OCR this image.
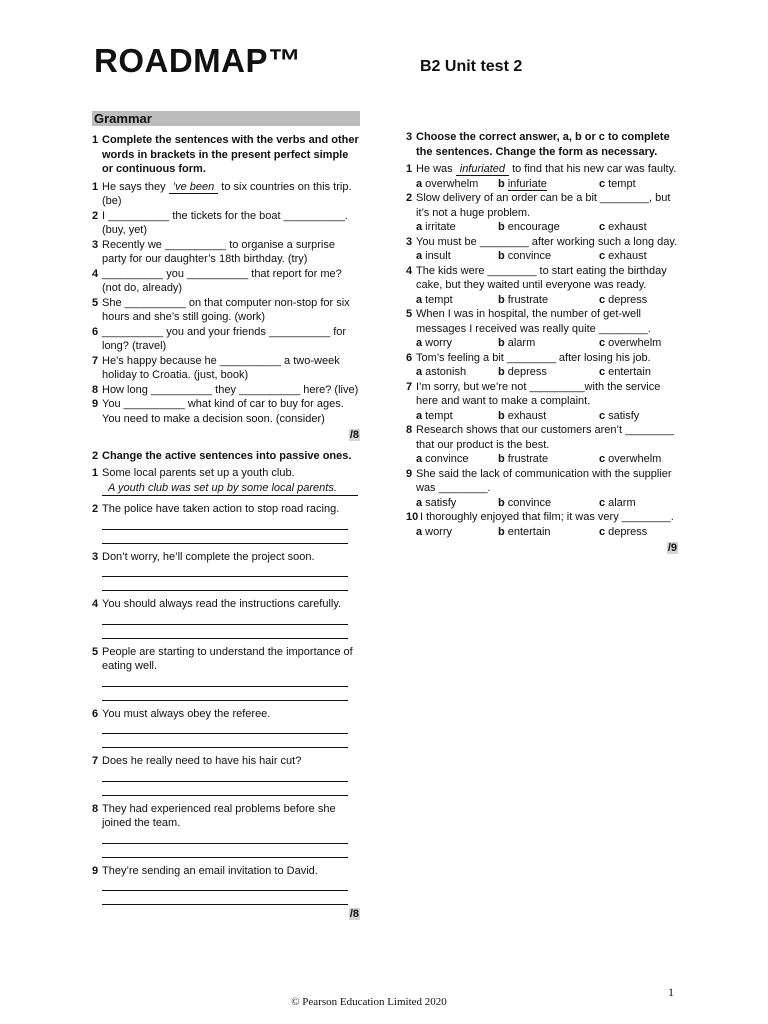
ROADMAP™	B2 Unit test 2
Grammar
1 Complete the sentences with the verbs and other words in brackets in the present perfect simple or continuous form.
1 He says they ’ve been to six countries on this trip. (be)
2 I __________ the tickets for the boat __________. (buy, yet)
3 Recently we __________ to organise a surprise party for our daughter’s 18th birthday. (try)
4 __________ you __________ that report for me? (not do, already)
5 She __________ on that computer non-stop for six hours and she’s still going. (work)
6 __________ you and your friends __________ for long? (travel)
7 He’s happy because he __________ a two-week holiday to Croatia. (just, book)
8 How long __________ they __________ here? (live)
9 You __________ what kind of car to buy for ages. You need to make a decision soon. (consider)
/8
2 Change the active sentences into passive ones.
1 Some local parents set up a youth club.
A youth club was set up by some local parents.
2 The police have taken action to stop road racing.
3 Don’t worry, he’ll complete the project soon.
4 You should always read the instructions carefully.
5 People are starting to understand the importance of eating well.
6 You must always obey the referee.
7 Does he really need to have his hair cut?
8 They had experienced real problems before she joined the team.
9 They’re sending an email invitation to David.
/8
3 Choose the correct answer, a, b or c to complete the sentences. Change the form as necessary.
1 He was infuriated to find that his new car was faulty.
a overwhelm	b infuriate	c tempt
2 Slow delivery of an order can be a bit ________, but it’s not a huge problem.
a irritate	b encourage	c exhaust
3 You must be ________ after working such a long day.
a insult	b convince	c exhaust
4 The kids were ________ to start eating the birthday cake, but they waited until everyone was ready.
a tempt	b frustrate	c depress
5 When I was in hospital, the number of get-well messages I received was really quite ________.
a worry	b alarm	c overwhelm
6 Tom’s feeling a bit ________ after losing his job.
a astonish	b depress	c entertain
7 I’m sorry, but we’re not _________with the service here and want to make a complaint.
a tempt	b exhaust	c satisfy
8 Research shows that our customers aren’t ________ that our product is the best.
a convince	b frustrate	c overwhelm
9 She said the lack of communication with the supplier was ________.
a satisfy	b convince	c alarm
10 I thoroughly enjoyed that film; it was very ________.
a worry	b entertain	c depress
/9
1
© Pearson Education Limited 2020
